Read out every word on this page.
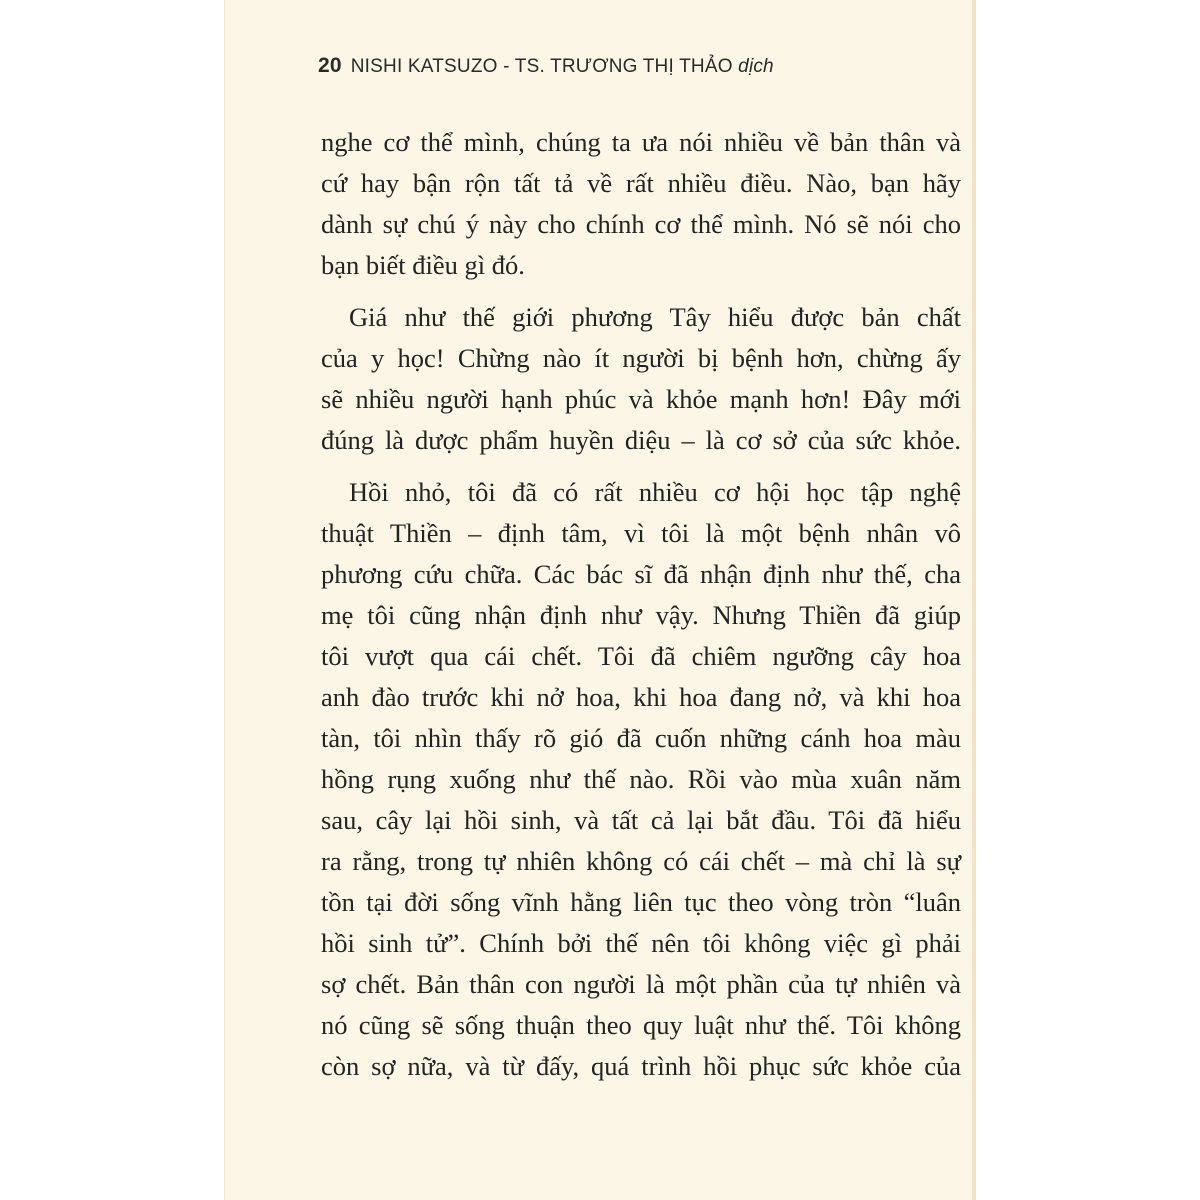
20 NISHI KATSUZO - TS. TRƯƠNG THỊ THẢO dịch
nghe cơ thể mình, chúng ta ưa nói nhiều về bản thân và
cứ hay bận rộn tất tả về rất nhiều điều. Nào, bạn hãy
dành sự chú ý này cho chính cơ thể mình. Nó sẽ nói cho
bạn biết điều gì đó.
Giá như thế giới phương Tây hiểu được bản chất
của y học! Chừng nào ít người bị bệnh hơn, chừng ấy
sẽ nhiều người hạnh phúc và khỏe mạnh hơn! Đây mới
đúng là dược phẩm huyền diệu – là cơ sở của sức khỏe.
Hồi nhỏ, tôi đã có rất nhiều cơ hội học tập nghệ
thuật Thiền – định tâm, vì tôi là một bệnh nhân vô
phương cứu chữa. Các bác sĩ đã nhận định như thế, cha
mẹ tôi cũng nhận định như vậy. Nhưng Thiền đã giúp
tôi vượt qua cái chết. Tôi đã chiêm ngưỡng cây hoa
anh đào trước khi nở hoa, khi hoa đang nở, và khi hoa
tàn, tôi nhìn thấy rõ gió đã cuốn những cánh hoa màu
hồng rụng xuống như thế nào. Rồi vào mùa xuân năm
sau, cây lại hồi sinh, và tất cả lại bắt đầu. Tôi đã hiểu
ra rằng, trong tự nhiên không có cái chết – mà chỉ là sự
tồn tại đời sống vĩnh hằng liên tục theo vòng tròn “luân
hồi sinh tử”. Chính bởi thế nên tôi không việc gì phải
sợ chết. Bản thân con người là một phần của tự nhiên và
nó cũng sẽ sống thuận theo quy luật như thế. Tôi không
còn sợ nữa, và từ đấy, quá trình hồi phục sức khỏe của
